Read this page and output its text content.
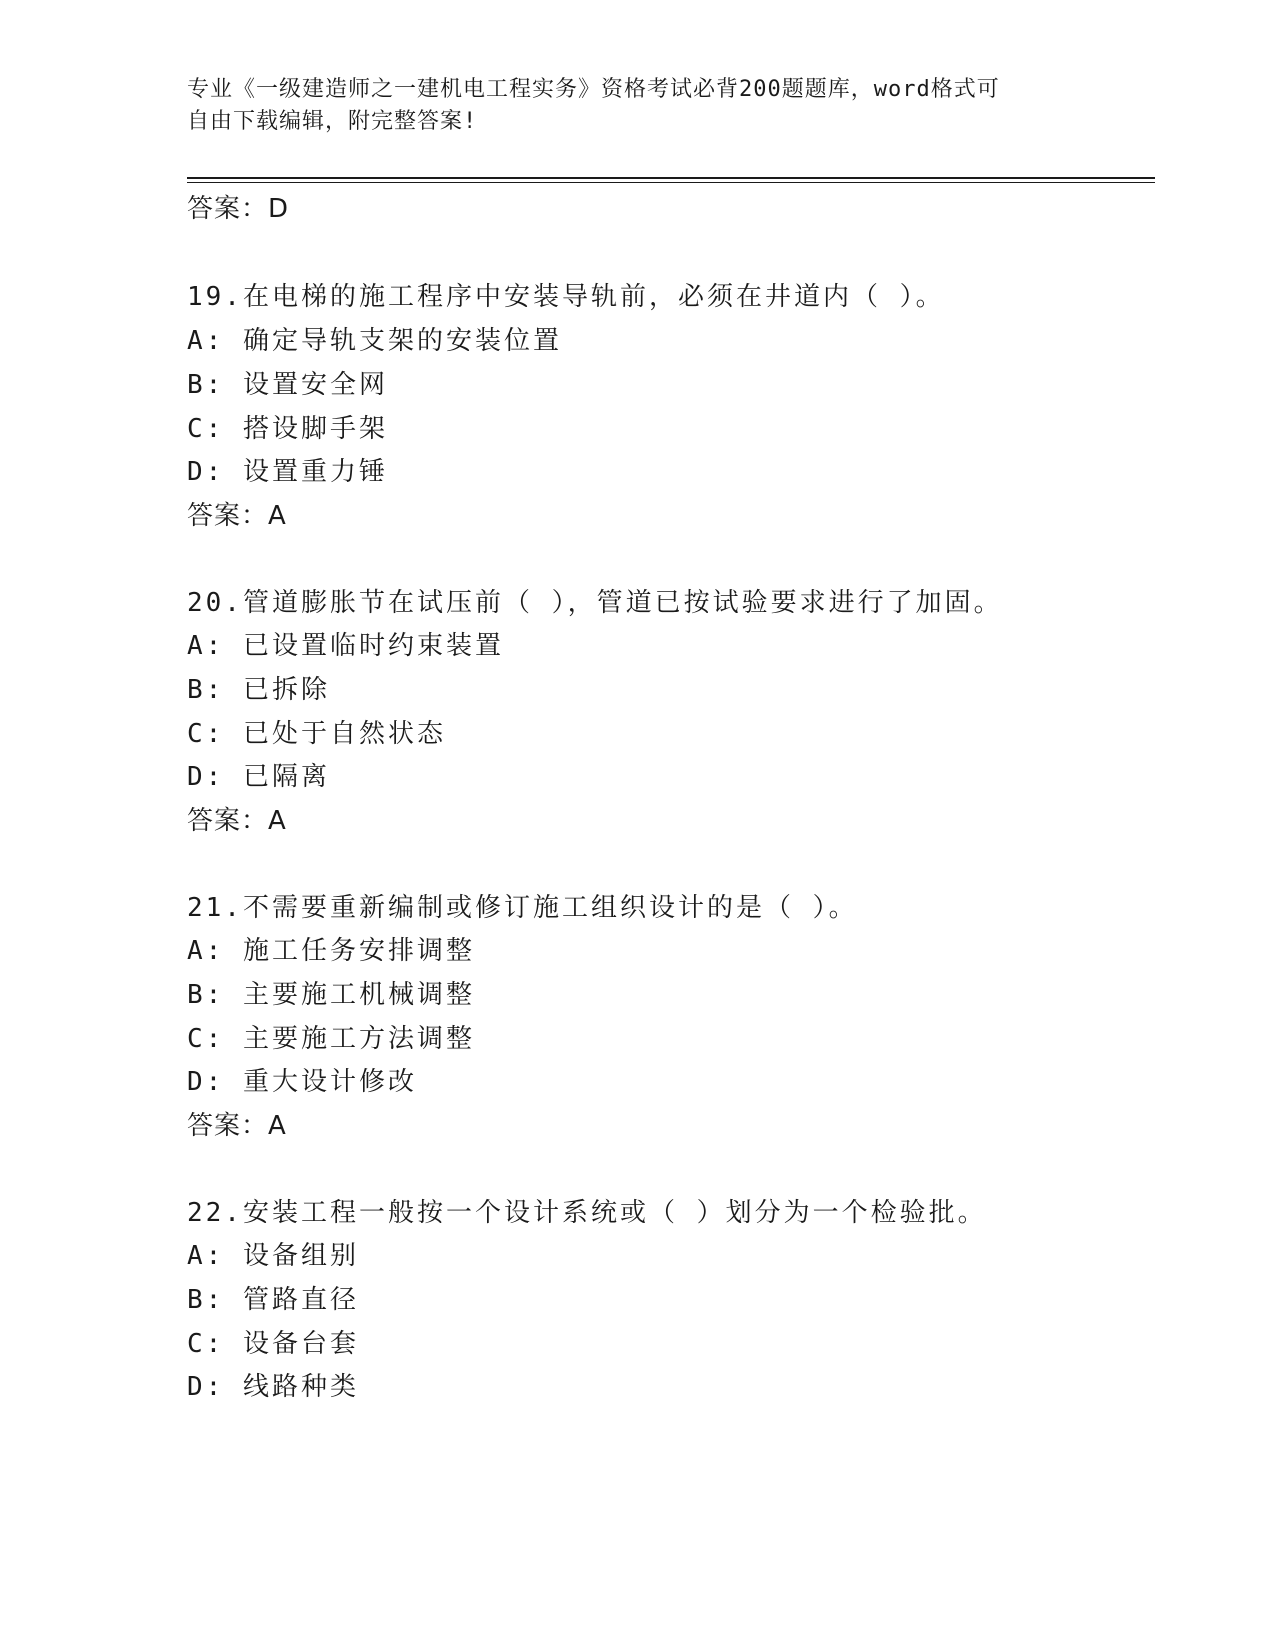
专业《一级建造师之一建机电工程实务》资格考试必背200题题库，word格式可
自由下载编辑，附完整答案!
答案：D
19.在电梯的施工程序中安装导轨前，必须在井道内（ ）。
A: 确定导轨支架的安装位置
B: 设置安全网
C: 搭设脚手架
D: 设置重力锤
答案：A
20.管道膨胀节在试压前（ ），管道已按试验要求进行了加固。
A: 已设置临时约束装置
B: 已拆除
C: 已处于自然状态
D: 已隔离
答案：A
21.不需要重新编制或修订施工组织设计的是（ ）。
A: 施工任务安排调整
B: 主要施工机械调整
C: 主要施工方法调整
D: 重大设计修改
答案：A
22.安装工程一般按一个设计系统或（ ）划分为一个检验批。
A: 设备组别
B: 管路直径
C: 设备台套
D: 线路种类
